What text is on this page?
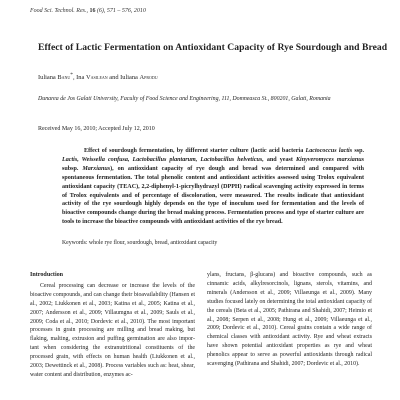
Food Sci. Technol. Res., 16 (6), 571 – 576, 2010
Effect of Lactic Fermentation on Antioxidant Capacity of Rye Sourdough and Bread
Iuliana Banu*, Ina Vasilean and Iuliana Aprodu
Dunarea de Jos Galati University, Faculty of Food Science and Engineering, 111, Domneasca St., 800201, Galati, Romania
Received May 16, 2010; Accepted July 12, 2010
Effect of sourdough fermentation, by different starter culture (lactic acid bacteria Lactococcus lactis ssp. Lactis, Weissella confusa, Lactobacillus plantarum, Lactobacillus helveticus, and yeast Kinyveromyces marxianus subsp. Marxianus), on antioxidant capacity of rye dough and bread was determined and compared with spontaneous fermentation. The total phenolic content and antioxidant activities assessed using Trolox equivalent antioxidant capacity (TEAC), 2,2-diphenyl-1-picrylhydrazyl (DPPH) radical scavenging activity expressed in terms of Trolox equivalents and of percentage of discoloration, were measured. The results indicate that antioxidant activity of the rye sourdough highly depends on the type of inoculum used for fermentation and the levels of bioactive compounds change during the bread making process. Fermentation process and type of starter culture are tools to increase the bioactive compounds with antioxidant activities of the rye bread.
Keywords: whole rye flour, sourdough, bread, antioxidant capacity
Introduction
Cereal processing can decrease or increase the levels of the bioactive compounds, and can change their bioavailability (Hansen et al., 2002; Liukkonen et al., 2003; Katina et al., 2005; Katina et al., 2007; Andersson et al., 2009; Villaumgna et al., 2009; Sauls et al., 2009; Coda et al., 2010; Dordevic et al., 2010). The most important processes in grain processing are milling and bread making, but flaking, malting, extrusion and puffing germination are also important when considering the extranutritional constituents of the processed grain, with effects on human health (Liukkonen et al., 2003; Dewettinck et al., 2008). Process variables such as: heat, shear, water content and distribution, enzymes ac-
ylans, fructans, β-glucans) and bioactive compounds, such as cinnamic acids, alkylresorcinols, lignans, sterols, vitamins, and minerals (Andersson et al., 2009; Villaeunga et al., 2009). Many studies focused lately on determining the total antioxidant capacity of the cereals (Beta et al., 2005; Pathirana and Shahidi, 2007; Heimio et al., 2008; Serpen et al., 2008; Hung et al., 2009; Villaeunga et al., 2009; Dordevic et al., 2010). Cereal grains contain a wide range of chemical classes with antioxidant activity. Rye and wheat extracts have shown potential antioxidant properties as rye and wheat phenolics appear to serve as powerful antioxidants through radical scavenging (Pathirana and Shahidi, 2007; Dordevic et al., 2010).
